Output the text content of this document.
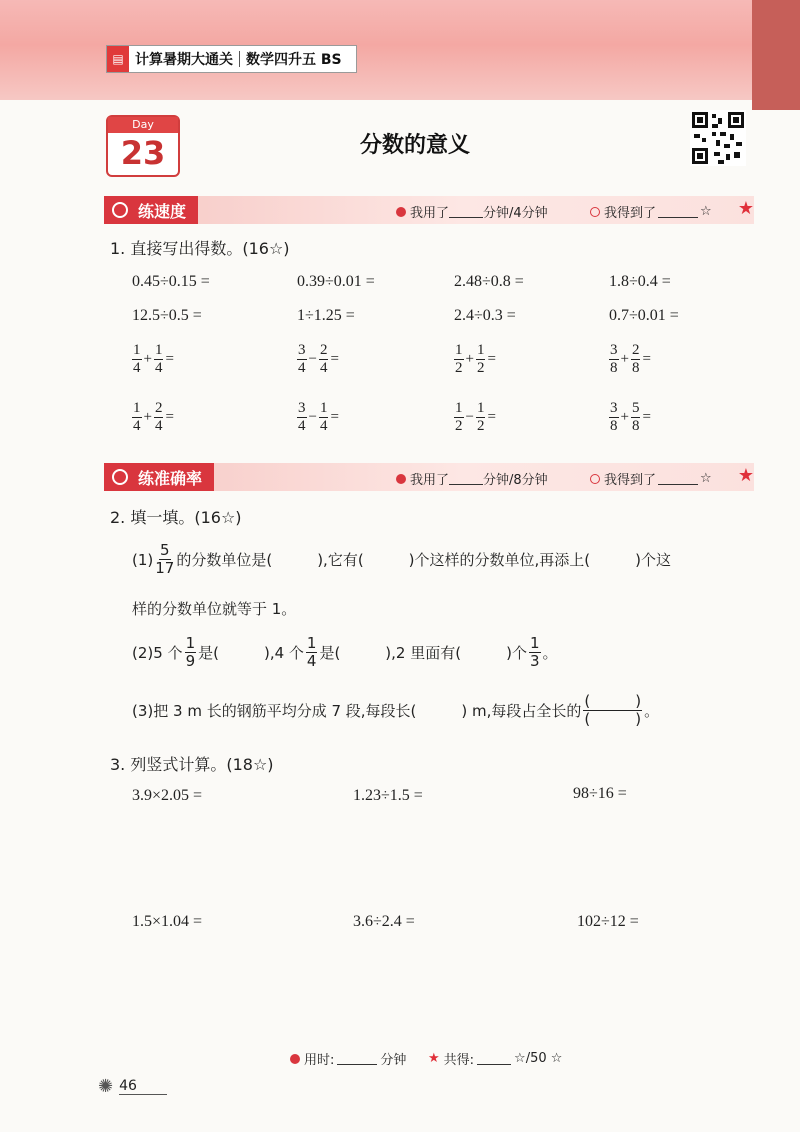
▤ 计算暑期大通关 数学四升五 BS
Day
23	分数的意义
练速度	我用了	分钟/4分钟	我得到了	☆ ★
1. 直接写出得数。(16☆)
0.45÷0.15 =	0.39÷0.01 =	2.48÷0.8 =	1.8÷0.4 =
12.5÷0.5 =	1÷1.25 =	2.4÷0.3 =	0.7÷0.01 =
$\frac{1}{4} + \frac{1}{4}$ =	$\frac{3}{4} - \frac{2}{4}$ =	$\frac{1}{2} + \frac{1}{2}$ =	$\frac{3}{8} + \frac{2}{8}$ =
$\frac{1}{4} + \frac{2}{4}$ =	$\frac{3}{4} - \frac{1}{4}$ =	$\frac{1}{2} - \frac{1}{2}$ =	$\frac{3}{8} + \frac{5}{8}$ =
练准确率	我用了	分钟/8分钟	我得到了	☆ ★
2. 填一填。(16☆)
$(1) \frac{5}{17}$ 的分数单位是(　　　),它有(　　　)个这样的分数单位,再添上(　　　)个这
样的分数单位就等于 1。
(2)5 个 $\frac{1}{9}$ 是(　　　),4 个 $\frac{1}{4}$ 是(　　　),2 里面有(　　　)个 $\frac{1}{3}$ 。
(3)把 3 m 长的钢筋平均分成 7 段,每段长(　　　) m,每段占全长的 $\frac{( )}{( )}$ 。
3. 列竖式计算。(18☆)
3.9×2.05 =	1.23÷1.5 =	98÷16 =
1.5×1.04 =	3.6÷2.4 =	102÷12 =
用时:	分钟 ★ 共得:	☆/50 ☆
✺ 46
